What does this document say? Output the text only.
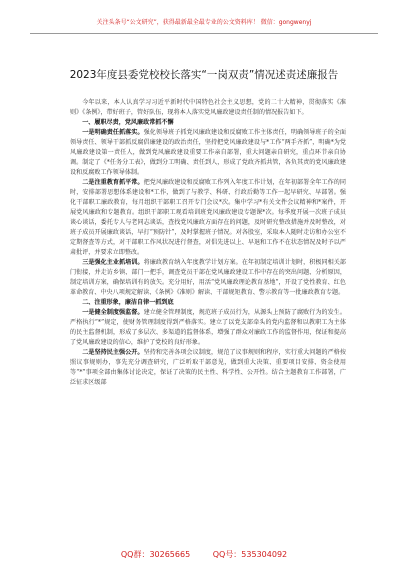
关注头条号“公文研究”，获得最新最全最专业的公文资料库！ 微信：gongwenyj
2023年度县委党校校长落实“一岗双责”情况述责述廉报告

今年以来，本人认真学习习近平新时代中国特色社会主义思想，党的二十大精神，贯彻落实《准则》《条例》，带好班子，管好队伍，现将本人落实党风廉政建设责任制的情况报告如下。

一、履职尽责，党风廉政常抓不懈

一是明确责任抓落实。强化领导班子抓党风廉政建设和反腐败工作主体责任，明确领导班子的全面领导责任、领导干部抓反腐倡廉建设的政治责任，坚持把党风廉政建设与*工作“两手齐抓”，明确*为党风廉政建设第一责任人，做到党风廉政建设重要工作亲自部署，重大问题亲自研究，重点环节亲自协调。制定了《*任务分工表》，做到分工明确、责任到人，形成了党政齐抓共管，各负其责的党风廉政建设和反腐败工作领导体制。

二是注重教育抓平常。把党风廉政建设和反腐败工作列入年度工作计划，在年初部署全年工作的同时，安排部署思想体系建设和*工作，做到了与教学、科研、行政后勤等工作一起早研究、早部署。强化干部职工廉政教育，每月组织干部职工召开专门会议*次。集中学习*有关文件会议精神和*案件，开展党风廉政和专题教育。组织干部职工观看培训班党风廉政建设专题课*次。每季度开展一次班子成员谈心谈话，委托专人与老同志谈话，查找党风廉政方面存在的问题，及时研究整改措施并及时整改，对班子成员开展廉政谈话，早打“预防针”，及时掌握班子情况。对各股室，采取本人随时走访和办公室不定期督查等方式，对干部职工作风状况进行督查，对倡先进以上、早退和工作不在状态情况及时予以严肃批评，并要求立即整改。

三是强化主业抓培训。将廉政教育纳入年度教学计划方案。在年初制定培训计划时，积极同相关部门衔接，并走访乡镇、部门一把手，调查党员干部在党风廉政建设工作中存在的突出问题、分析原因，制定培训方案，确保培训有的放矢。充分用好，用活“党风廉政理论教育基地”，开设了党性教育、红色革命教育、中央八项规定解读、《条例》《准则》解读、干部规矩教育、警示教育等一批廉政教育专题。

二、注重形象，廉洁自律一抓到底

一是健全制度强监督。建立健全管理制度，规范班子成员行为，从源头上预防了腐败行为的发生。严格执行“*”规定，使财务管理制度得到严格落实。建立了以党支部牵头的党内监督和以教职工为主体的民主监督机制，形成了多层次、多渠道的监督体系，增强了群众对廉政工作的监督作用，保证和提高了党风廉政建设的信心，维护了党校的良好形象。

二是坚持民主强公开。坚持和完善各项会议制度，规范了议事规则和程序，实行重大问题的严格按照议事规则办，事先充分调查研究，广泛听取干部意见，做到重大决策、重要项目安排、资金使用等“*”事项全部由集体讨论决定，保证了决策的民主性、科学性、公开性。结合主题教育工作部署，广泛征求区级部

QQ群：30265665	QQ号：535304092
